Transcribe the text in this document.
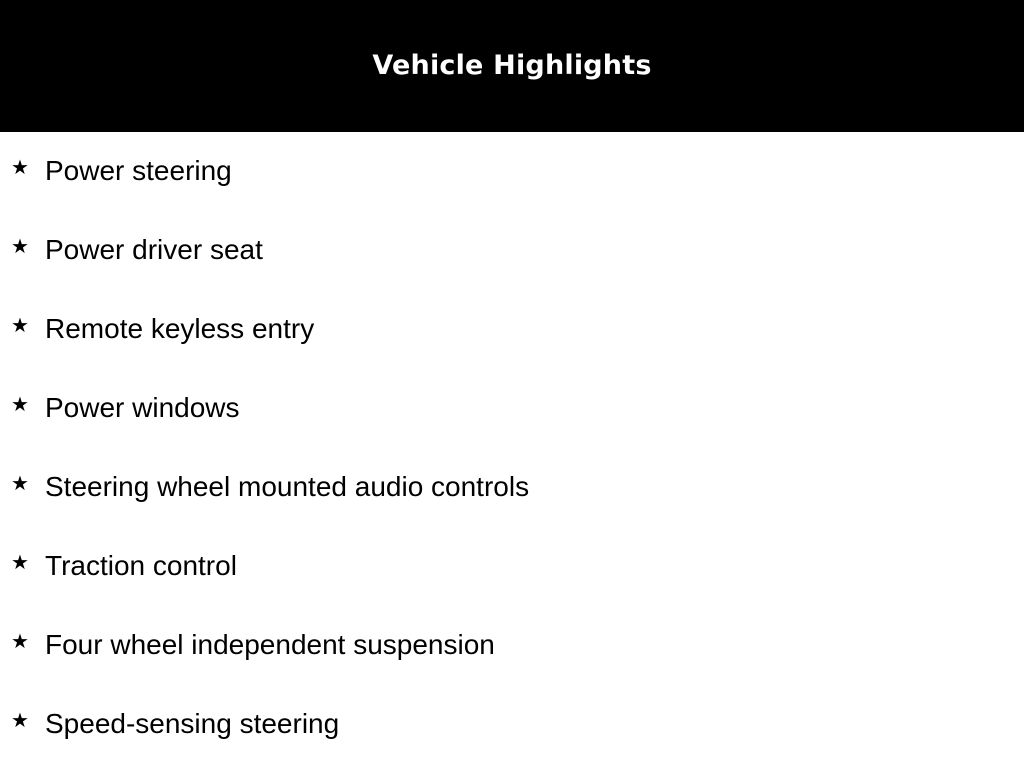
Vehicle Highlights
★ Power steering
★ Power driver seat
★ Remote keyless entry
★ Power windows
★ Steering wheel mounted audio controls
★ Traction control
★ Four wheel independent suspension
★ Speed-sensing steering
